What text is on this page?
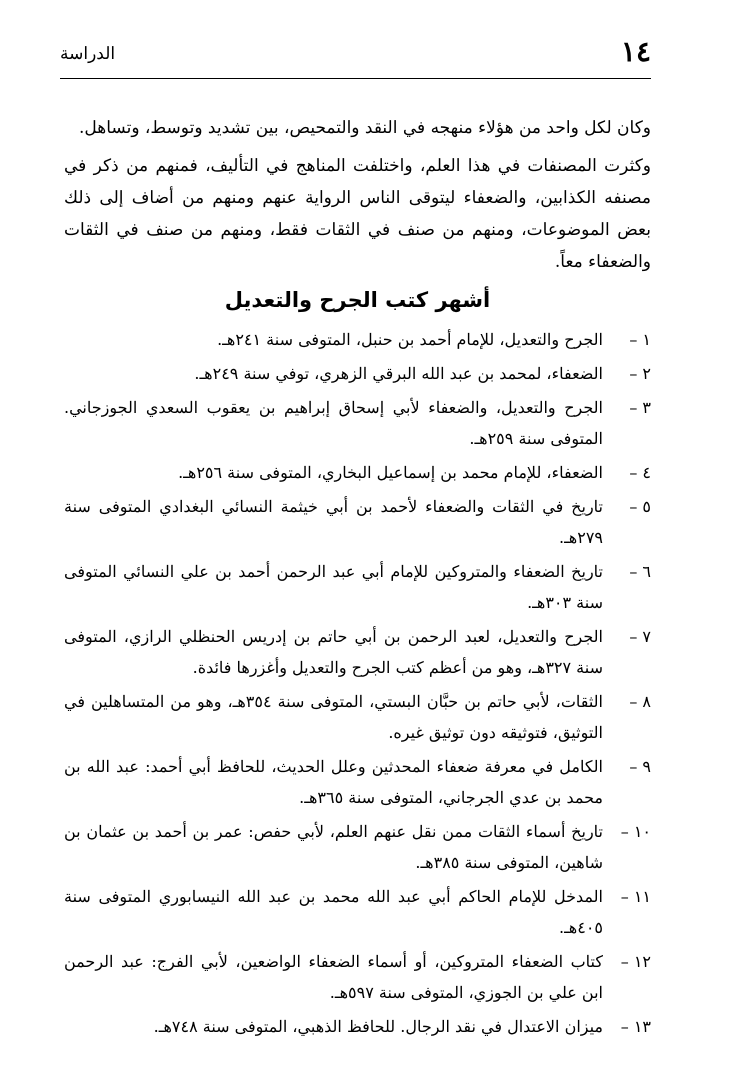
١٤
الدراسة

وكان لكل واحد من هؤلاء منهجه في النقد والتمحيص، بين تشديد وتوسط، وتساهل.

وكثرت المصنفات في هذا العلم، واختلفت المناهج في التأليف، فمنهم من ذكر في مصنفه الكذابين، والضعفاء ليتوقى الناس الرواية عنهم ومنهم من أضاف إلى ذلك بعض الموضوعات، ومنهم من صنف في الثقات فقط، ومنهم من صنف في الثقات والضعفاء معاً.

أشهر كتب الجرح والتعديل
١ –
الجرح والتعديل، للإمام أحمد بن حنبل، المتوفى سنة ٢٤١هـ.
٢ –
الضعفاء، لمحمد بن عبد الله البرقي الزهري، توفي سنة ٢٤٩هـ.
٣ –
الجرح والتعديل، والضعفاء لأبي إسحاق إبراهيم بن يعقوب السعدي الجوزجاني. المتوفى سنة ٢٥٩هـ.
٤ –
الضعفاء، للإمام محمد بن إسماعيل البخاري، المتوفى سنة ٢٥٦هـ.
٥ –
تاريخ في الثقات والضعفاء لأحمد بن أبي خيثمة النسائي البغدادي المتوفى سنة ٢٧٩هـ.
٦ –
تاريخ الضعفاء والمتروكين للإمام أبي عبد الرحمن أحمد بن علي النسائي المتوفى سنة ٣٠٣هـ.
٧ –
الجرح والتعديل، لعبد الرحمن بن أبي حاتم بن إدريس الحنظلي الرازي، المتوفى سنة ٣٢٧هـ، وهو من أعظم كتب الجرح والتعديل وأغزرها فائدة.
٨ –
الثقات، لأبي حاتم بن حبَّان البستي، المتوفى سنة ٣٥٤هـ، وهو من المتساهلين في التوثيق، فتوثيقه دون توثيق غيره.
٩ –
الكامل في معرفة ضعفاء المحدثين وعلل الحديث، للحافظ أبي أحمد: عبد الله بن محمد بن عدي الجرجاني، المتوفى سنة ٣٦٥هـ.
١٠ –
تاريخ أسماء الثقات ممن نقل عنهم العلم، لأبي حفص: عمر بن أحمد بن عثمان بن شاهين، المتوفى سنة ٣٨٥هـ.
١١ –
المدخل للإمام الحاكم أبي عبد الله محمد بن عبد الله النيسابوري المتوفى سنة ٤٠٥هـ.
١٢ –
كتاب الضعفاء المتروكين، أو أسماء الضعفاء الواضعين، لأبي الفرج: عبد الرحمن ابن علي بن الجوزي، المتوفى سنة ٥٩٧هـ.
١٣ –
ميزان الاعتدال في نقد الرجال. للحافظ الذهبي، المتوفى سنة ٧٤٨هـ.
